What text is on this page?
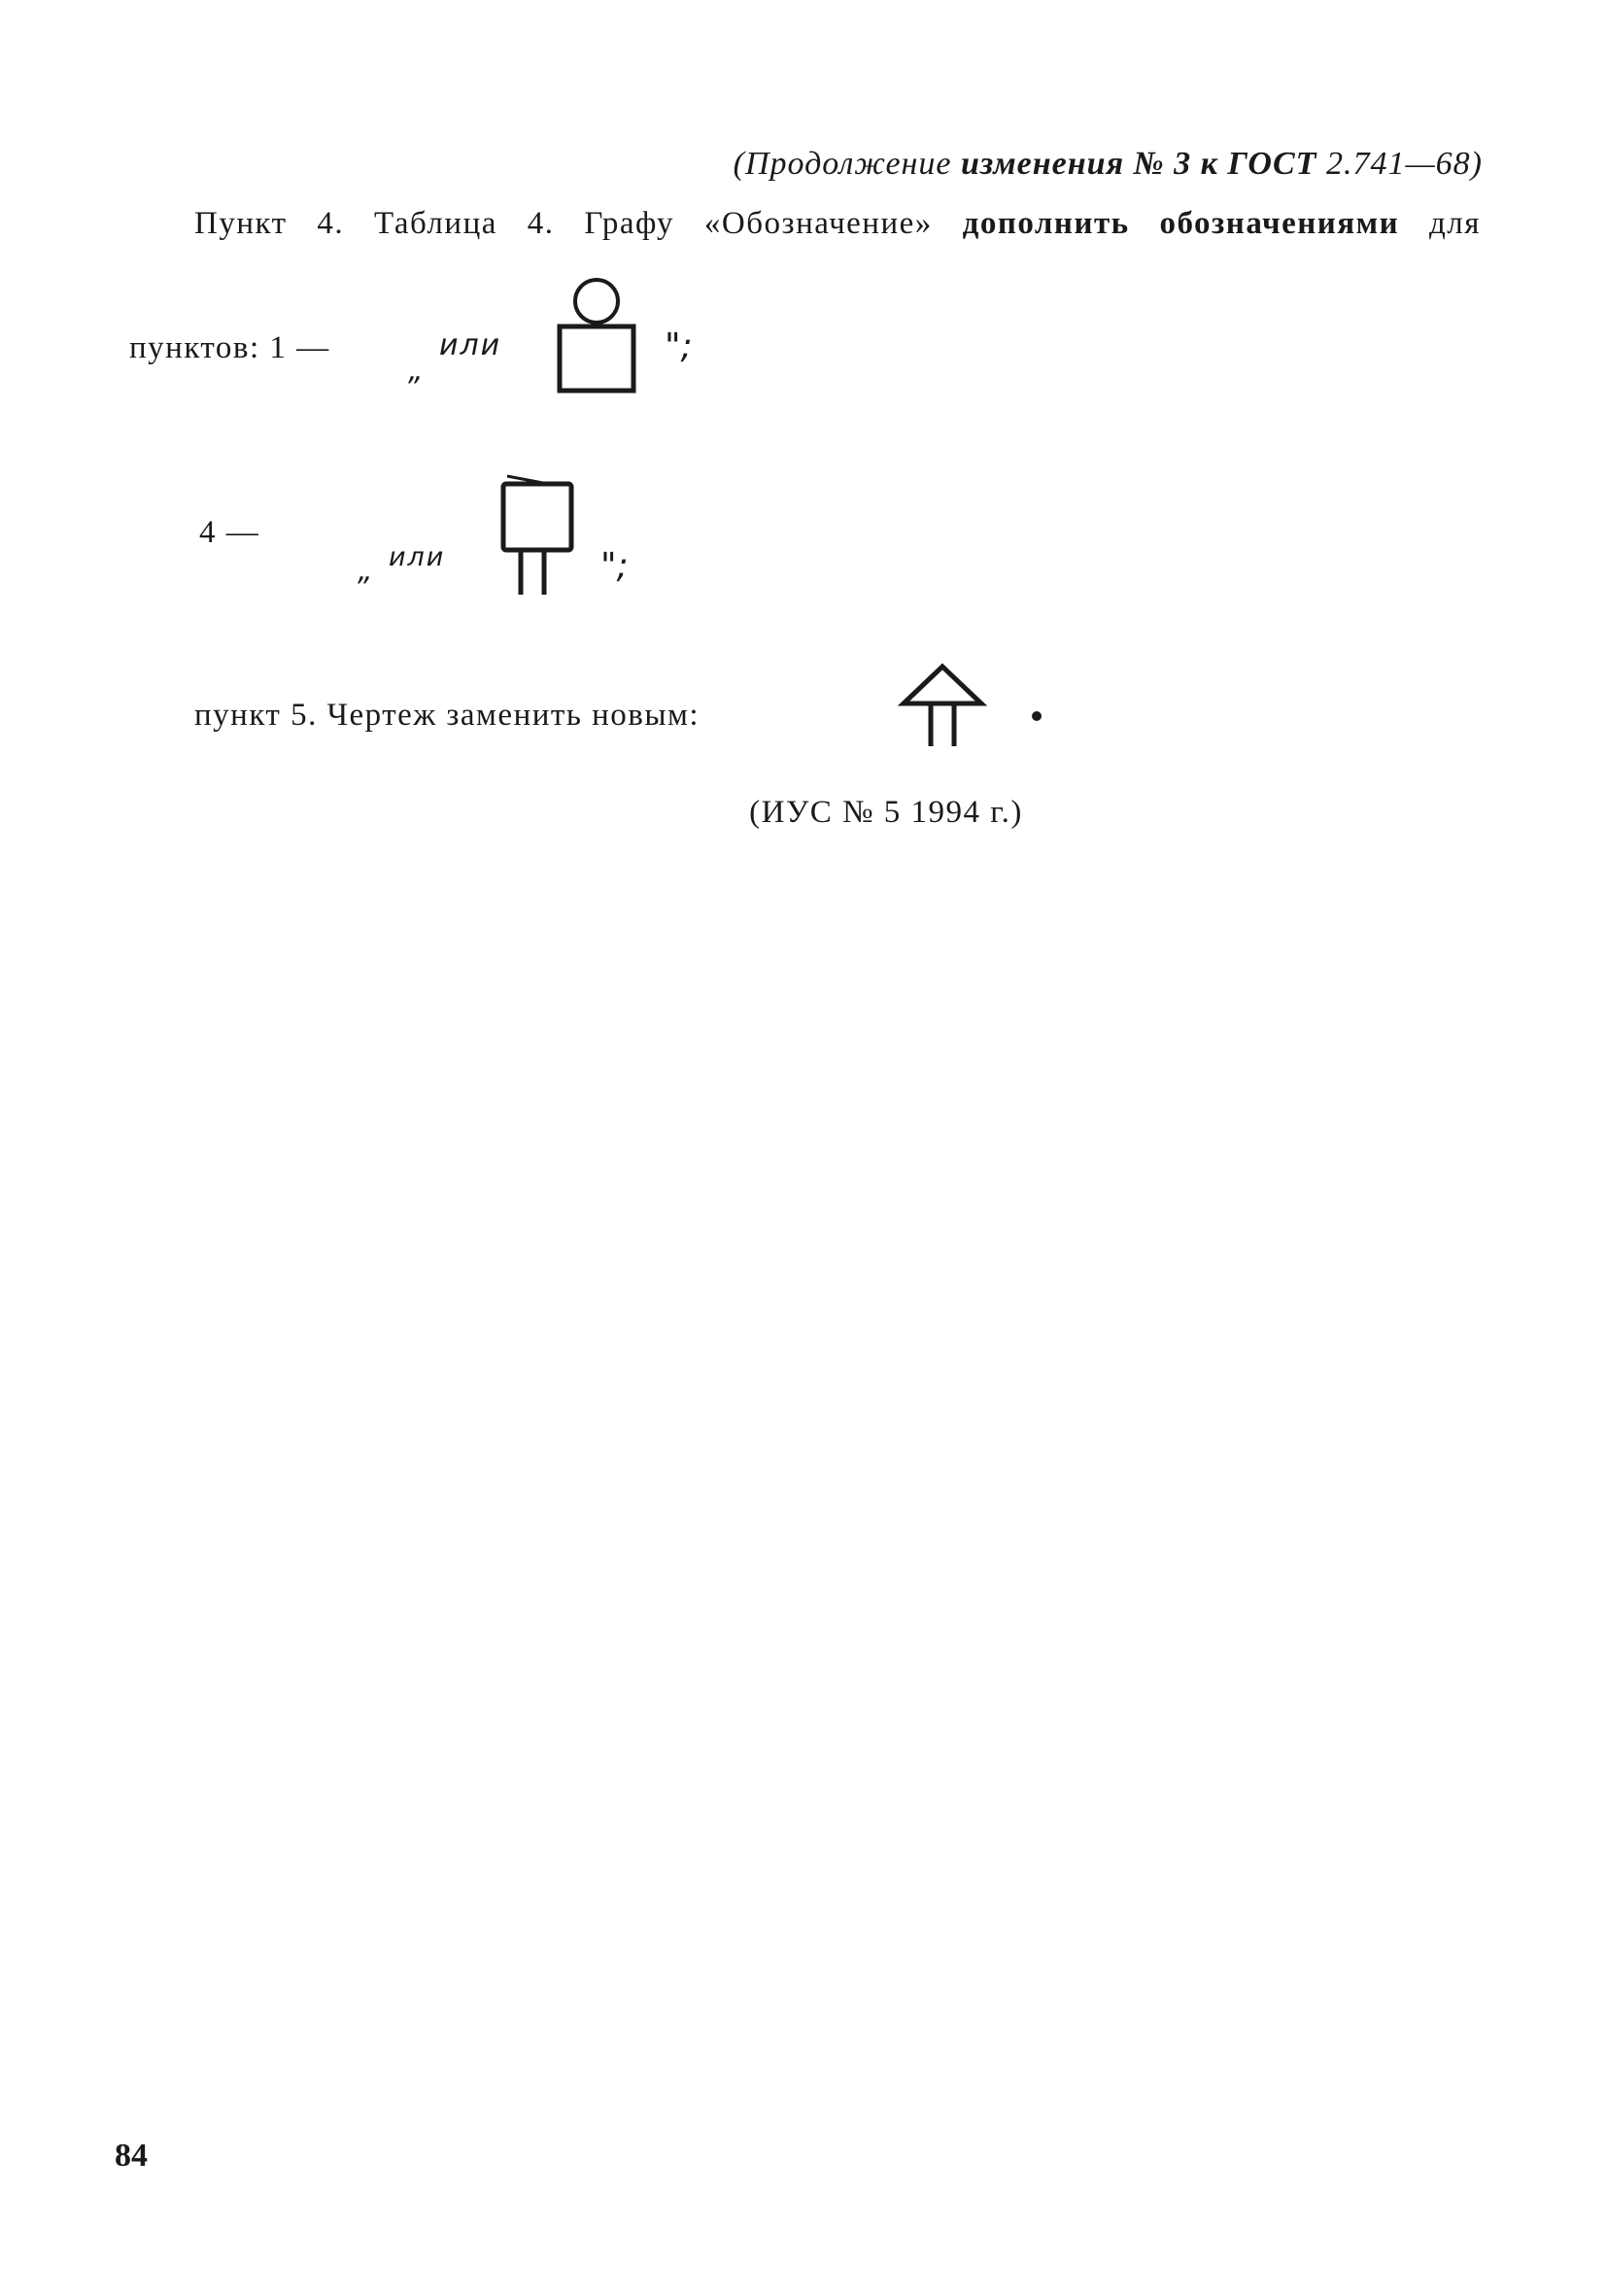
(Продолжение изменения № 3 к ГОСТ 2.741—68)
Пункт 4. Таблица 4. Графу «Обозначение» дополнить обозначениями для
пунктов: 1 —
„
или	";
4 —
„ или	";
пункт 5. Чертеж заменить новым:
(ИУС № 5 1994 г.)
84
